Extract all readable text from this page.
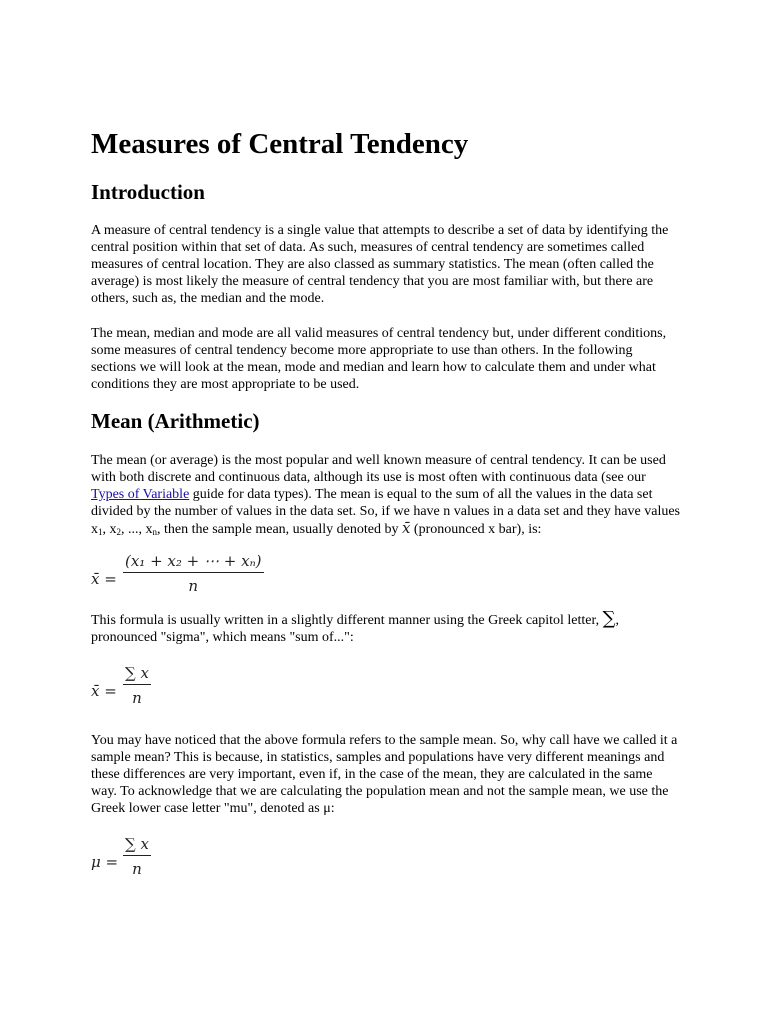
Measures of Central Tendency
Introduction

A measure of central tendency is a single value that attempts to describe a set of data by identifying the central position within that set of data. As such, measures of central tendency are sometimes called measures of central location. They are also classed as summary statistics. The mean (often called the average) is most likely the measure of central tendency that you are most familiar with, but there are others, such as, the median and the mode.

The mean, median and mode are all valid measures of central tendency but, under different conditions, some measures of central tendency become more appropriate to use than others. In the following sections we will look at the mean, mode and median and learn how to calculate them and under what conditions they are most appropriate to be used.

Mean (Arithmetic)

The mean (or average) is the most popular and well known measure of central tendency. It can be used with both discrete and continuous data, although its use is most often with continuous data (see our Types of Variable guide for data types). The mean is equal to the sum of all the values in the data set divided by the number of values in the data set. So, if we have n values in a data set and they have values $x_1$, $x_2$, ..., $x_n$, then the sample mean, usually denoted by x̄ (pronounced x bar), is:

x̄ =
(x₁ + x₂ + ⋯ + xₙ)
n

This formula is usually written in a slightly different manner using the Greek capitol letter, ∑, pronounced "sigma", which means "sum of...":

x̄ =
∑ x
n

You may have noticed that the above formula refers to the sample mean. So, why call have we called it a sample mean? This is because, in statistics, samples and populations have very different meanings and these differences are very important, even if, in the case of the mean, they are calculated in the same way. To acknowledge that we are calculating the population mean and not the sample mean, we use the Greek lower case letter "mu", denoted as μ:

μ =
∑ x
n
